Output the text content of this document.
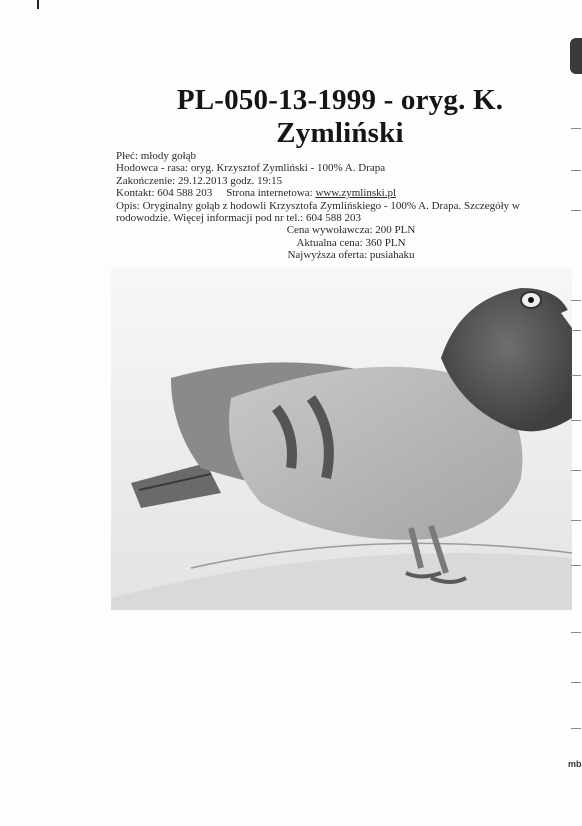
PL-050-13-1999 - oryg. K. Zymliński
Płeć: młody gołąb
Hodowca - rasa: oryg. Krzysztof Zymliński - 100% A. Drapa
Zakończenie: 29.12.2013 godz. 19:15
Kontakt: 604 588 203 Strona internetowa: www.zymlinski.pl
Opis: Oryginalny gołąb z hodowli Krzysztofa Zymlińskiego - 100% A. Drapa. Szczegóły w rodowodzie. Więcej informacji pod nr tel.: 604 588 203
Cena wywoławcza: 200 PLN
Aktualna cena: 360 PLN
Najwyższa oferta: pusiahaku
mb
